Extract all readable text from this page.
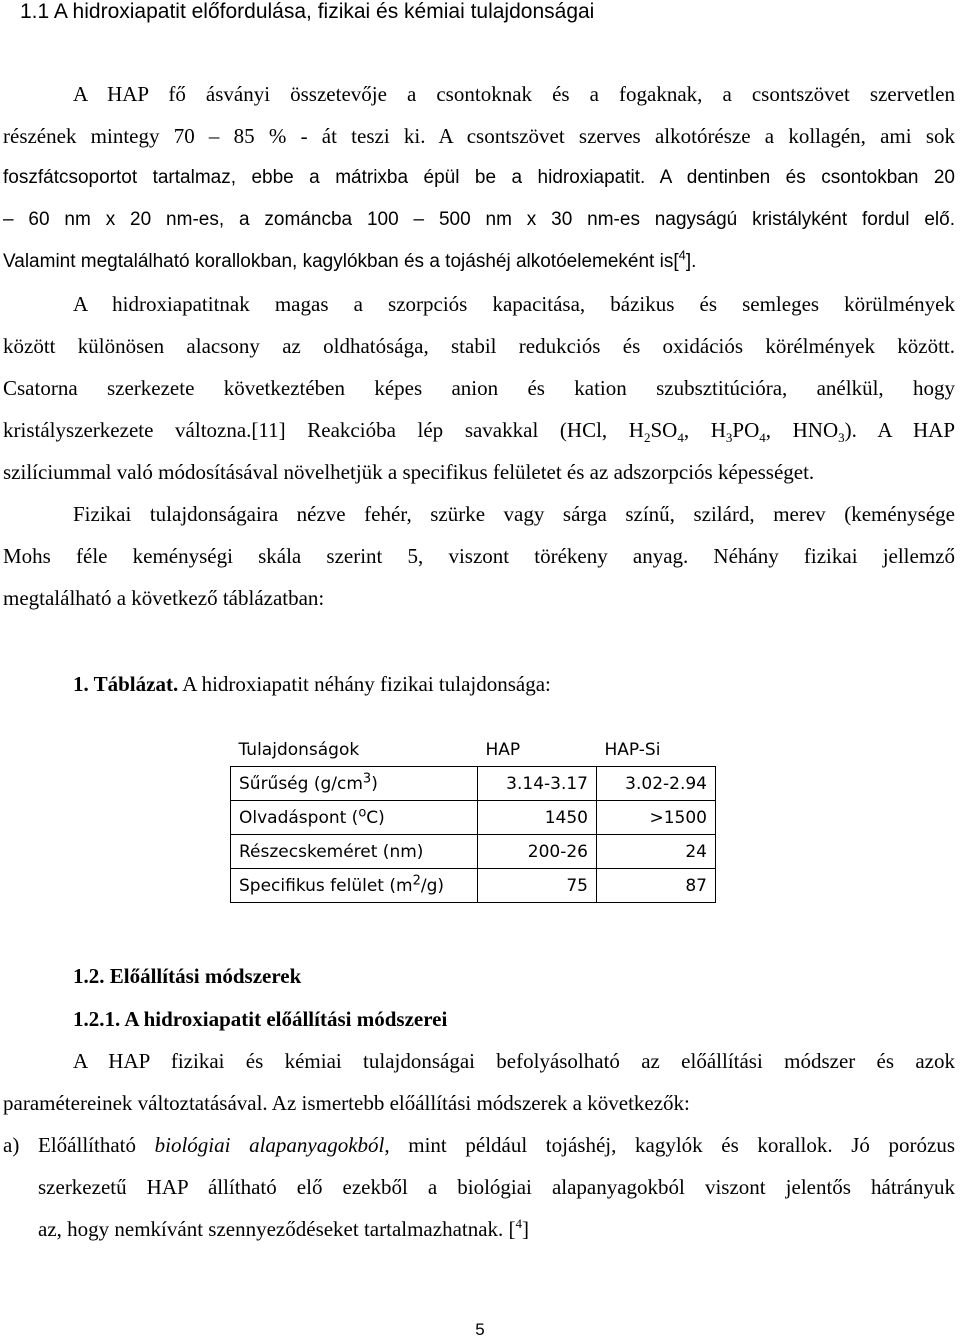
1.1 A hidroxiapatit előfordulása, fizikai és kémiai tulajdonságai
A HAP fő ásványi összetevője a csontoknak és a fogaknak, a csontszövet szervetlen
részének mintegy 70 – 85 % - át teszi ki. A csontszövet szerves alkotórésze a kollagén, ami sok
foszfátcsoportot tartalmaz, ebbe a mátrixba épül be a hidroxiapatit. A dentinben és csontokban 20
– 60 nm x 20 nm-es, a zománcba 100 – 500 nm x 30 nm-es nagyságú kristályként fordul elő.
Valamint megtalálható korallokban, kagylókban és a tojáshéj alkotóelemeként is[$^4$].
A hidroxiapatitnak magas a szorpciós kapacitása, bázikus és semleges körülmények
között különösen alacsony az oldhatósága, stabil redukciós és oxidációs körélmények között.
Csatorna szerkezete következtében képes anion és kation szubsztitúcióra, anélkül, hogy
kristályszerkezete változna.[11] Reakcióba lép savakkal (HCl, $H_2SO_4$, $H_3PO_4$, $HNO_3$). A HAP
szilíciummal való módosításával növelhetjük a specifikus felületet és az adszorpciós képességet.
Fizikai tulajdonságaira nézve fehér, szürke vagy sárga színű, szilárd, merev (keménysége
Mohs féle keménységi skála szerint 5, viszont törékeny anyag. Néhány fizikai jellemző
megtalálható a következő táblázatban:
1. Táblázat. A hidroxiapatit néhány fizikai tulajdonsága:
Tulajdonságok	HAP	HAP-Si
Sűrűség $(g/cm^3)$	3.14-3.17	3.02-2.94
Olvadáspont ($^o$C)	1450	>1500
Részecskeméret (nm)	200-26	24
Specifikus felület $(m^2/g)$	75	87
1.2. Előállítási módszerek
1.2.1. A hidroxiapatit előállítási módszerei
A HAP fizikai és kémiai tulajdonságai befolyásolható az előállítási módszer és azok
paramétereinek változtatásával. Az ismertebb előállítási módszerek a következők:
a) Előállítható biológiai alapanyagokból, mint például tojáshéj, kagylók és korallok. Jó porózus
szerkezetű HAP állítható elő ezekből a biológiai alapanyagokból viszont jelentős hátrányuk
az, hogy nemkívánt szennyeződéseket tartalmazhatnak. [$^4$]
5
